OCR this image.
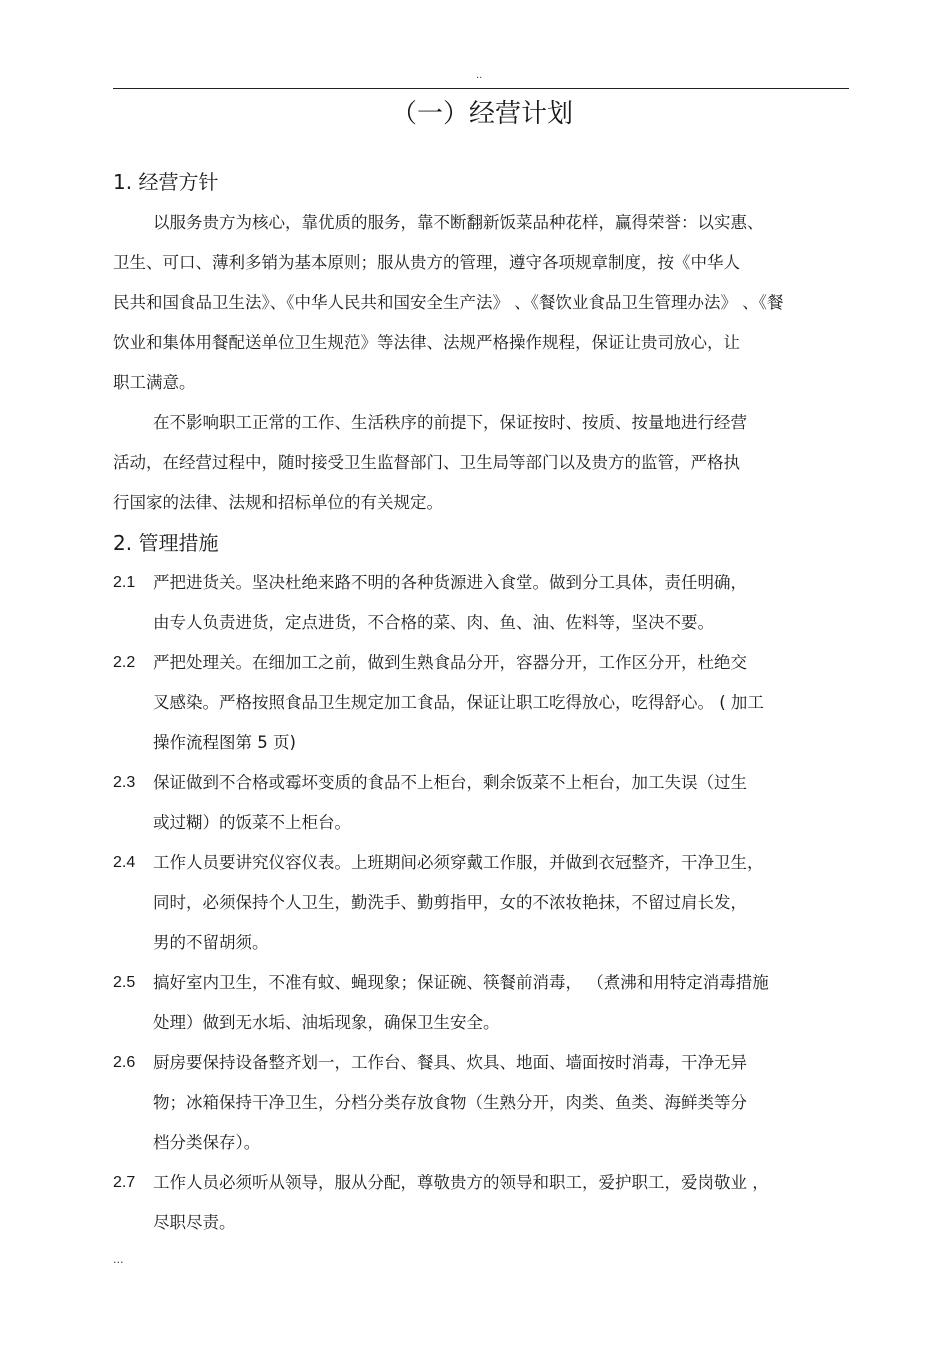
..
（一）经营计划
1. 经营方针
以服务贵方为核心，靠优质的服务，靠不断翻新饭菜品种花样，赢得荣誉：以实惠、
卫生、可口、薄利多销为基本原则；服从贵方的管理，遵守各项规章制度，按《中华人
民共和国食品卫生法》、《中华人民共和国安全生产法》 、《餐饮业食品卫生管理办法》 、《餐
饮业和集体用餐配送单位卫生规范》等法律、法规严格操作规程，保证让贵司放心，让
职工满意。
在不影响职工正常的工作、生活秩序的前提下，保证按时、按质、按量地进行经营
活动，在经营过程中，随时接受卫生监督部门、卫生局等部门以及贵方的监管，严格执
行国家的法律、法规和招标单位的有关规定。
2. 管理措施
2.1 严把进货关。坚决杜绝来路不明的各种货源进入食堂。做到分工具体，责任明确，
由专人负责进货，定点进货，不合格的菜、肉、鱼、油、佐料等，坚决不要。
2.2 严把处理关。在细加工之前，做到生熟食品分开，容器分开，工作区分开，杜绝交
叉感染。严格按照食品卫生规定加工食品，保证让职工吃得放心，吃得舒心。 ( 加工
操作流程图第 5 页)
2.3 保证做到不合格或霉坏变质的食品不上柜台，剩余饭菜不上柜台，加工失误（过生
或过糊）的饭菜不上柜台。
2.4 工作人员要讲究仪容仪表。上班期间必须穿戴工作服，并做到衣冠整齐，干净卫生，
同时，必须保持个人卫生，勤洗手、勤剪指甲，女的不浓妆艳抹，不留过肩长发，
男的不留胡须。
2.5 搞好室内卫生，不准有蚊、蝇现象；保证碗、筷餐前消毒， （煮沸和用特定消毒措施
处理）做到无水垢、油垢现象，确保卫生安全。
2.6 厨房要保持设备整齐划一，工作台、餐具、炊具、地面、墙面按时消毒，干净无异
物；冰箱保持干净卫生，分档分类存放食物（生熟分开，肉类、鱼类、海鲜类等分
档分类保存）。
2.7 工作人员必须听从领导，服从分配，尊敬贵方的领导和职工，爱护职工，爱岗敬业 ，
尽职尽责。
...
